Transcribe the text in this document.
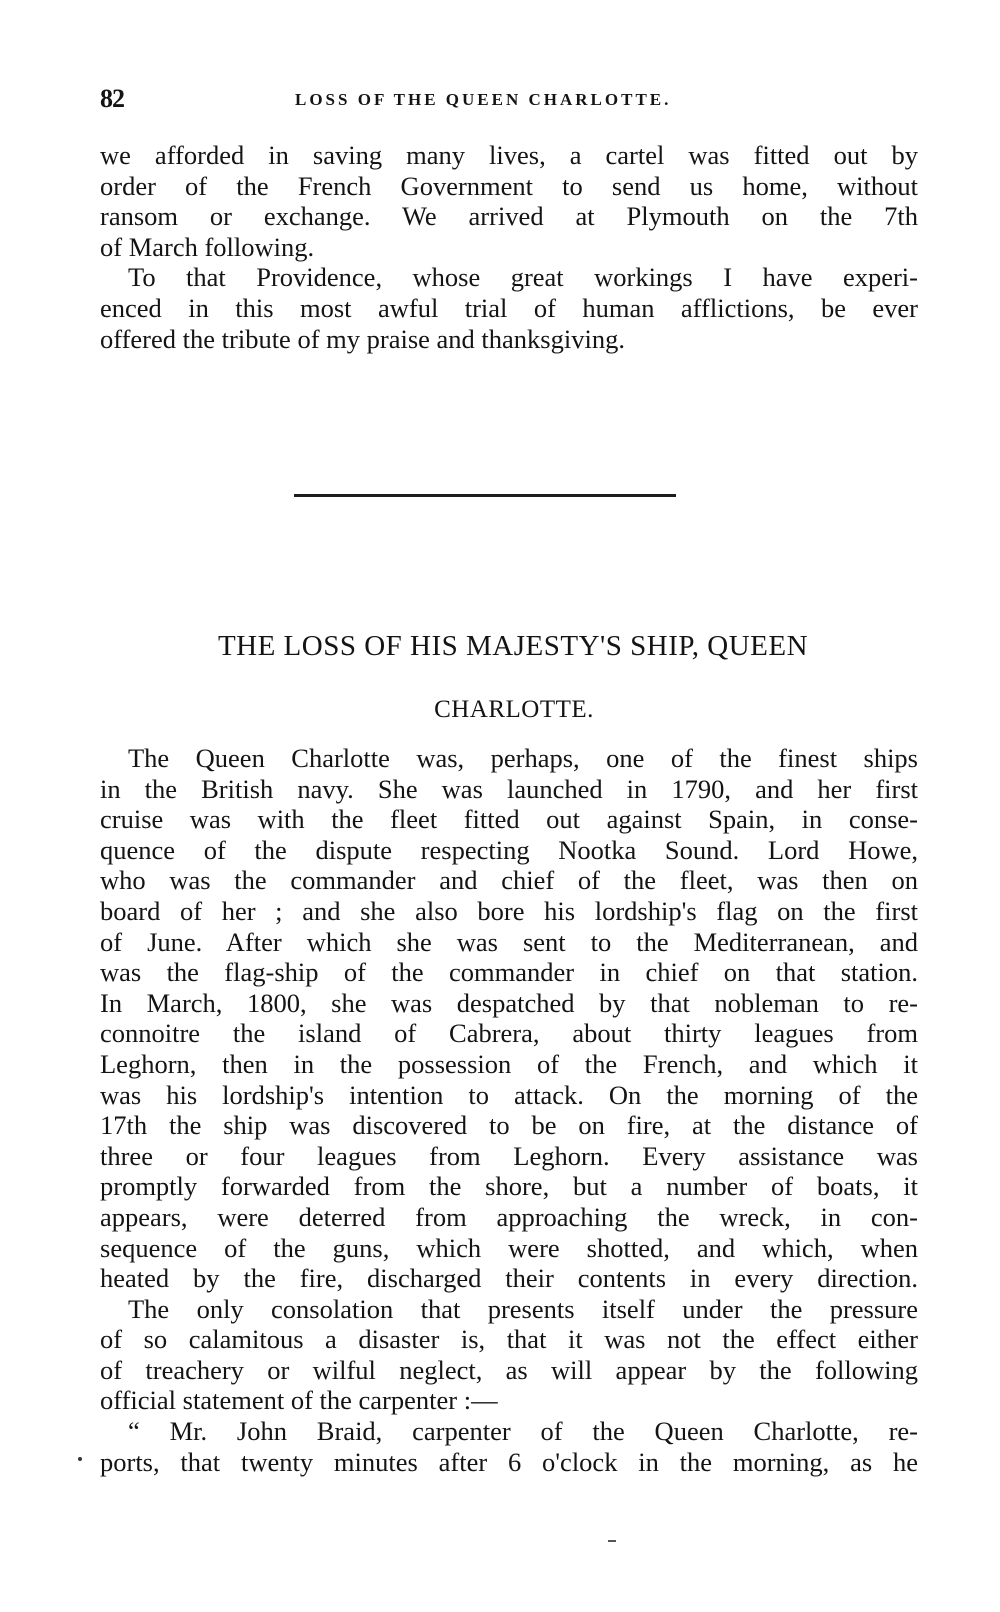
82	LOSS OF THE QUEEN CHARLOTTE.
we afforded in saving many lives, a cartel was fitted out by
order of the French Government to send us home, without
ransom or exchange. We arrived at Plymouth on the 7th
of March following.
To that Providence, whose great workings I have experi-
enced in this most awful trial of human afflictions, be ever
offered the tribute of my praise and thanksgiving.
THE LOSS OF HIS MAJESTY'S SHIP, QUEEN
CHARLOTTE.
The Queen Charlotte was, perhaps, one of the finest ships
in the British navy. She was launched in 1790, and her first
cruise was with the fleet fitted out against Spain, in conse-
quence of the dispute respecting Nootka Sound. Lord Howe,
who was the commander and chief of the fleet, was then on
board of her ; and she also bore his lordship's flag on the first
of June. After which she was sent to the Mediterranean, and
was the flag-ship of the commander in chief on that station.
In March, 1800, she was despatched by that nobleman to re-
connoitre the island of Cabrera, about thirty leagues from
Leghorn, then in the possession of the French, and which it
was his lordship's intention to attack. On the morning of the
17th the ship was discovered to be on fire, at the distance of
three or four leagues from Leghorn. Every assistance was
promptly forwarded from the shore, but a number of boats, it
appears, were deterred from approaching the wreck, in con-
sequence of the guns, which were shotted, and which, when
heated by the fire, discharged their contents in every direction.
The only consolation that presents itself under the pressure
of so calamitous a disaster is, that it was not the effect either
of treachery or wilful neglect, as will appear by the following
official statement of the carpenter :—
“ Mr. John Braid, carpenter of the Queen Charlotte, re-
ports, that twenty minutes after 6 o'clock in the morning, as he
